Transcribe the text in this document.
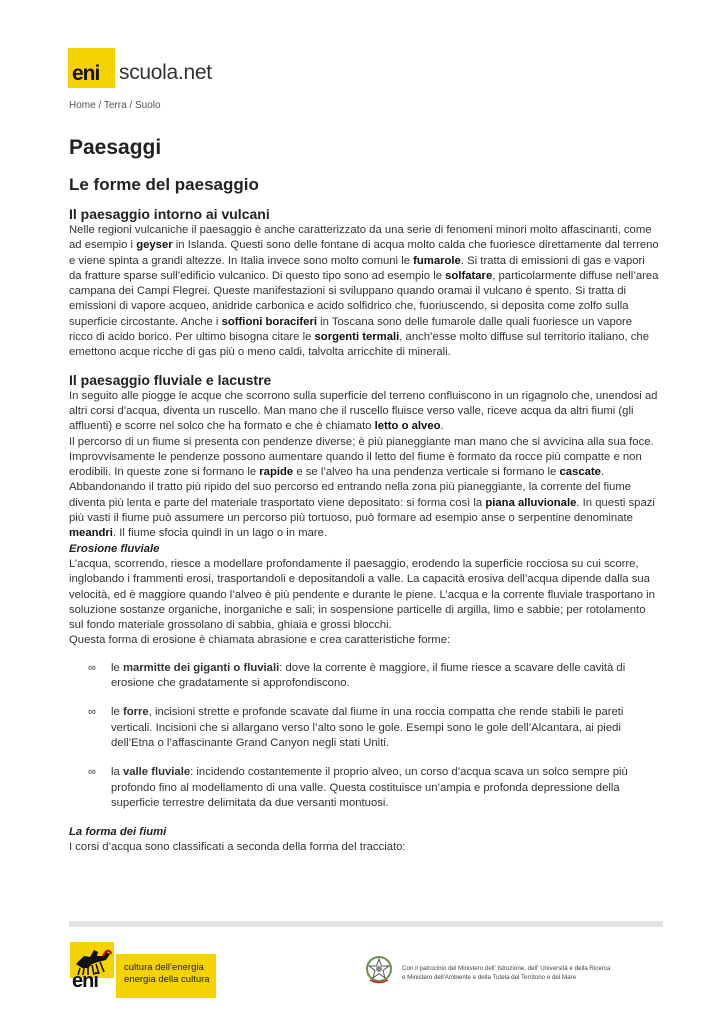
eni scuola.net
Home / Terra / Suolo
Paesaggi
Le forme del paesaggio
Il paesaggio intorno ai vulcani

Nelle regioni vulcaniche il paesaggio è anche caratterizzato da una serie di fenomeni minori molto affascinanti, come ad esempio i geyser in Islanda. Questi sono delle fontane di acqua molto calda che fuoriesce direttamente dal terreno e viene spinta a grandi altezze. In Italia invece sono molto comuni le fumarole. Si tratta di emissioni di gas e vapori da fratture sparse sull’edificio vulcanico. Di questo tipo sono ad esempio le solfatare, particolarmente diffuse nell’area campana dei Campi Flegrei. Queste manifestazioni si sviluppano quando oramai il vulcano è spento. Si tratta di emissioni di vapore acqueo, anidride carbonica e acido solfidrico che, fuoriuscendo, si deposita come zolfo sulla superficie circostante. Anche i soffioni boraciferi in Toscana sono delle fumarole dalle quali fuoriesce un vapore ricco di acido borico. Per ultimo bisogna citare le sorgenti termali, anch’esse molto diffuse sul territorio italiano, che emettono acque ricche di gas più o meno caldi, talvolta arricchite di minerali.

Il paesaggio fluviale e lacustre

In seguito alle piogge le acque che scorrono sulla superficie del terreno confluiscono in un rigagnolo che, unendosi ad altri corsi d’acqua, diventa un ruscello. Man mano che il ruscello fluisce verso valle, riceve acqua da altri fiumi (gli affluenti) e scorre nel solco che ha formato e che è chiamato letto o alveo.

Il percorso di un fiume si presenta con pendenze diverse; è più pianeggiante man mano che si avvicina alla sua foce. Improvvisamente le pendenze possono aumentare quando il letto del fiume è formato da rocce più compatte e non erodibili. In queste zone si formano le rapide e se l’alveo ha una pendenza verticale si formano le cascate.

Abbandonando il tratto più ripido del suo percorso ed entrando nella zona più pianeggiante, la corrente del fiume diventa più lenta e parte del materiale trasportato viene depositato: si forma così la piana alluvionale. In questi spazi più vasti il fiume può assumere un percorso più tortuoso, può formare ad esempio anse o serpentine denominate meandri. Il fiume sfocia quindi in un lago o in mare.

Erosione fluviale

L’acqua, scorrendo, riesce a modellare profondamente il paesaggio, erodendo la superficie rocciosa su cui scorre, inglobando i frammenti erosi, trasportandoli e depositandoli a valle. La capacità erosiva dell’acqua dipende dalla sua velocità, ed è maggiore quando l’alveo è più pendente e durante le piene. L’acqua e la corrente fluviale trasportano in soluzione sostanze organiche, inorganiche e sali; in sospensione particelle di argilla, limo e sabbie; per rotolamento sul fondo materiale grossolano di sabbia, ghiaia e grossi blocchi.

Questa forma di erosione è chiamata abrasione e crea caratteristiche forme:

∞ le marmitte dei giganti o fluviali: dove la corrente è maggiore, il fiume riesce a scavare delle cavità di erosione che gradatamente si approfondiscono.
∞ le forre, incisioni strette e profonde scavate dal fiume in una roccia compatta che rende stabili le pareti verticali. Incisioni che si allargano verso l’alto sono le gole. Esempi sono le gole dell’Alcantara, ai piedi dell’Etna o l’affascinante Grand Canyon negli stati Uniti.
∞ la valle fluviale: incidendo costantemente il proprio alveo, un corso d’acqua scava un solco sempre più profondo fino al modellamento di una valle. Questa costituisce un’ampia e profonda depressione della superficie terrestre delimitata da due versanti montuosi.
La forma dei fiumi

I corsi d’acqua sono classificati a seconda della forma del tracciato:

eni
cultura dell’energia
energia della cultura
Con il patrocinio del Ministero dell' Istruzione, dell' Università e della Ricerca
e Ministero dell'Ambiente e della Tutela del Territorio e del Mare
